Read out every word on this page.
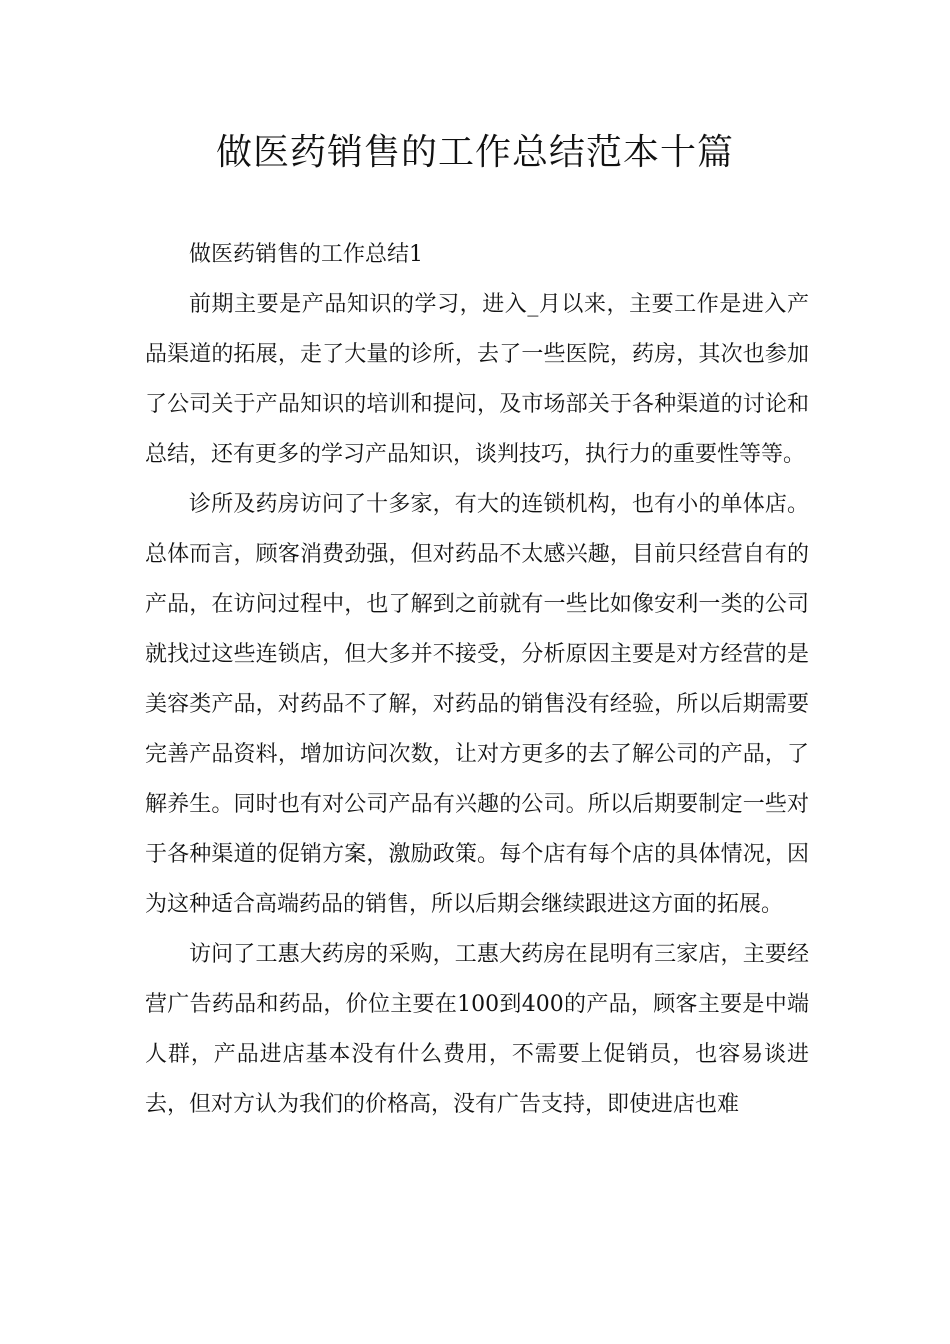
做医药销售的工作总结范本十篇

做医药销售的工作总结1

前期主要是产品知识的学习，进入_月以来，主要工作是进入产品渠道的拓展，走了大量的诊所，去了一些医院，药房，其次也参加了公司关于产品知识的培训和提问，及市场部关于各种渠道的讨论和总结，还有更多的学习产品知识，谈判技巧，执行力的重要性等等。

诊所及药房访问了十多家，有大的连锁机构，也有小的单体店。总体而言，顾客消费劲强，但对药品不太感兴趣，目前只经营自有的产品，在访问过程中，也了解到之前就有一些比如像安利一类的公司就找过这些连锁店，但大多并不接受，分析原因主要是对方经营的是美容类产品，对药品不了解，对药品的销售没有经验，所以后期需要完善产品资料，增加访问次数，让对方更多的去了解公司的产品，了解养生。同时也有对公司产品有兴趣的公司。所以后期要制定一些对于各种渠道的促销方案，激励政策。每个店有每个店的具体情况，因为这种适合高端药品的销售，所以后期会继续跟进这方面的拓展。

访问了工惠大药房的采购，工惠大药房在昆明有三家店，主要经营广告药品和药品，价位主要在100到400的产品，顾客主要是中端人群，产品进店基本没有什么费用，不需要上促销员，也容易谈进去，但对方认为我们的价格高，没有广告支持，即使进店也难
